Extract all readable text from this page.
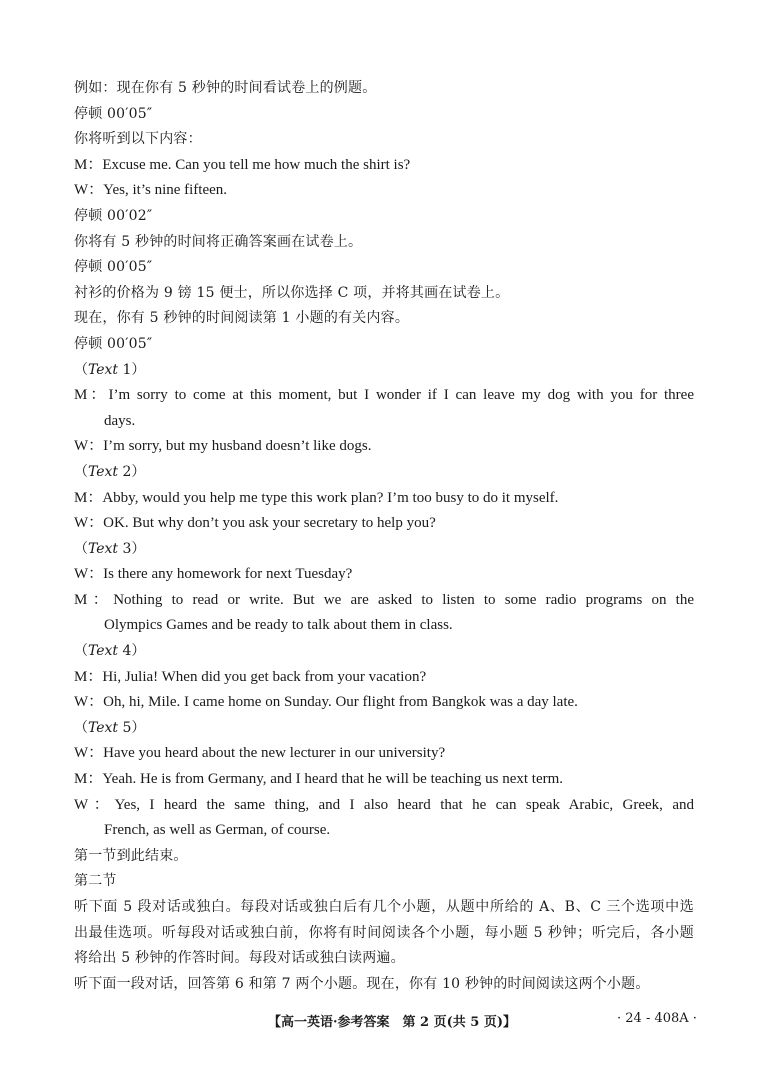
例如：现在你有 5 秒钟的时间看试卷上的例题。
停顿 00′05″
你将听到以下内容：
M：Excuse me. Can you tell me how much the shirt is?
W：Yes, it’s nine fifteen.
停顿 00′02″
你将有 5 秒钟的时间将正确答案画在试卷上。
停顿 00′05″
衬衫的价格为 9 镑 15 便士，所以你选择 C 项，并将其画在试卷上。
现在，你有 5 秒钟的时间阅读第 1 小题的有关内容。
停顿 00′05″
（Text 1）
M：I’m sorry to come at this moment, but I wonder if I can leave my dog with you for three
days.
W：I’m sorry, but my husband doesn’t like dogs.
（Text 2）
M：Abby, would you help me type this work plan? I’m too busy to do it myself.
W：OK. But why don’t you ask your secretary to help you?
（Text 3）
W：Is there any homework for next Tuesday?
M：Nothing to read or write. But we are asked to listen to some radio programs on the
Olympics Games and be ready to talk about them in class.
（Text 4）
M：Hi, Julia! When did you get back from your vacation?
W：Oh, hi, Mile. I came home on Sunday. Our flight from Bangkok was a day late.
（Text 5）
W：Have you heard about the new lecturer in our university?
M：Yeah. He is from Germany, and I heard that he will be teaching us next term.
W：Yes, I heard the same thing, and I also heard that he can speak Arabic, Greek, and
French, as well as German, of course.
第一节到此结束。
第二节
听下面 5 段对话或独白。每段对话或独白后有几个小题，从题中所给的 A、B、C 三个选项中选
出最佳选项。听每段对话或独白前，你将有时间阅读各个小题，每小题 5 秒钟；听完后，各小题
将给出 5 秒钟的作答时间。每段对话或独白读两遍。
听下面一段对话，回答第 6 和第 7 两个小题。现在，你有 10 秒钟的时间阅读这两个小题。
【高一英语·参考答案　第 2 页(共 5 页)】	· 24 - 408A ·
